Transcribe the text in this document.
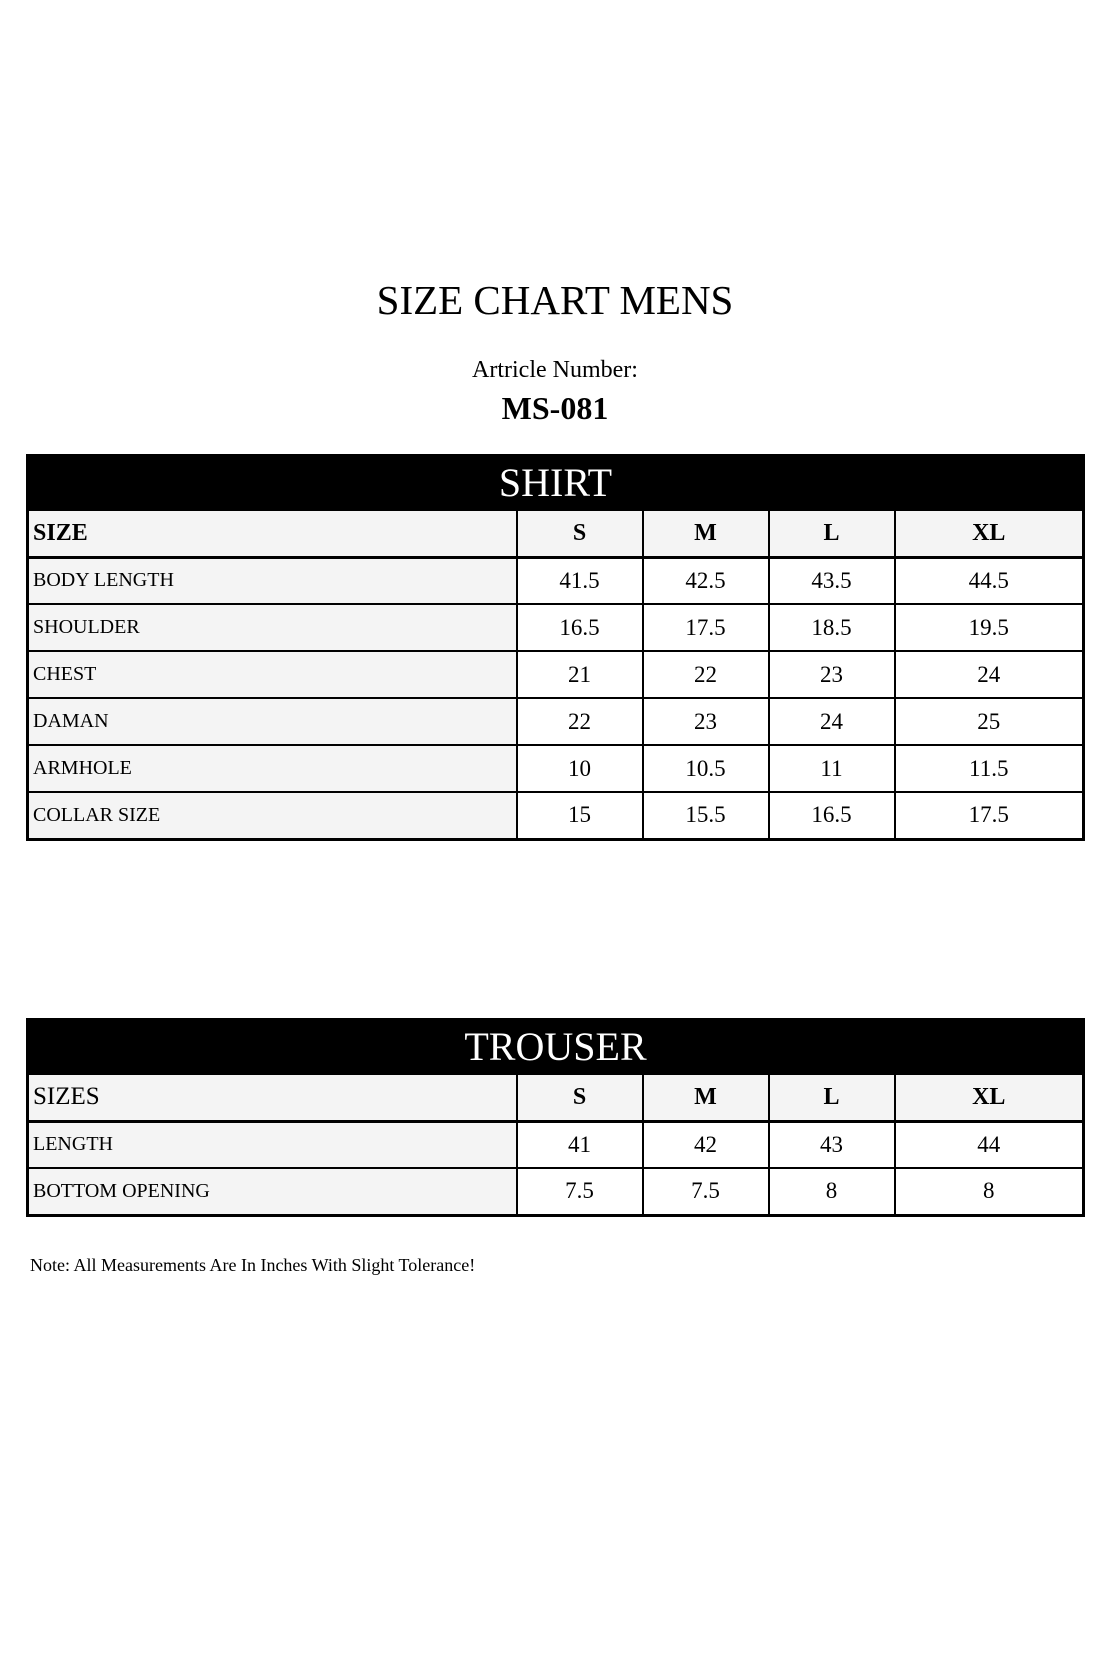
SIZE CHART MENS
Artricle Number:
MS-081
SHIRT				
SIZE	S	M	L	XL
BODY LENGTH	41.5	42.5	43.5	44.5
SHOULDER	16.5	17.5	18.5	19.5
CHEST	21	22	23	24
DAMAN	22	23	24	25
ARMHOLE	10	10.5	11	11.5
COLLAR SIZE	15	15.5	16.5	17.5
TROUSER				
SIZES	S	M	L	XL
LENGTH	41	42	43	44
BOTTOM OPENING	7.5	7.5	8	8
Note: All Measurements Are In Inches With Slight Tolerance!
